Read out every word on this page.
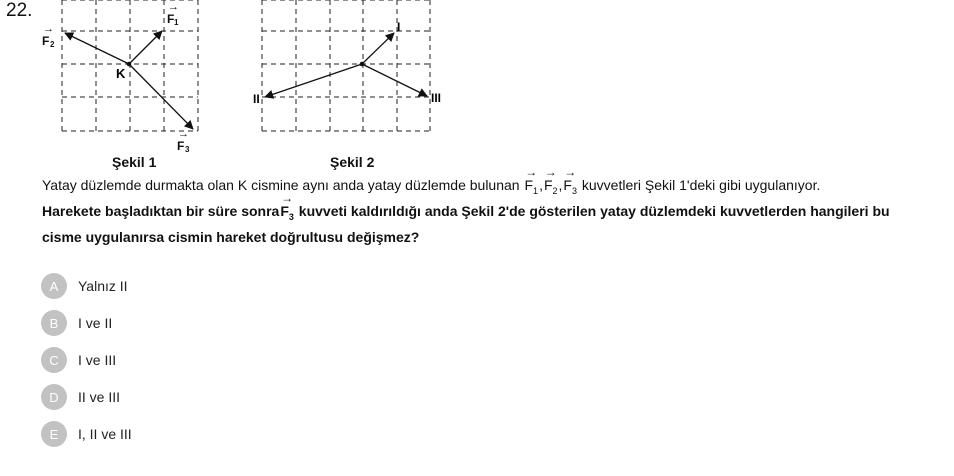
22.
K
→
F 1
→
F 2
→
F 3
I
II	III
Şekil 1	Şekil 2
Yatay düzlemde durmakta olan K cismine aynı anda yatay düzlemde bulunan
→
$F_1$,
→
$F_2$,
→
$F_3$ kuvvetleri Şekil 1'deki gibi uygulanıyor.
Harekete başladıktan bir süre sonra
→
$F_3$ kuvveti kaldırıldığı anda Şekil 2'de gösterilen yatay düzlemdeki kuvvetlerden hangileri bu
cisme uygulanırsa cismin hareket doğrultusu değişmez?
A	Yalnız II
B	I ve II
C	I ve III
D	II ve III
E	I, II ve III
